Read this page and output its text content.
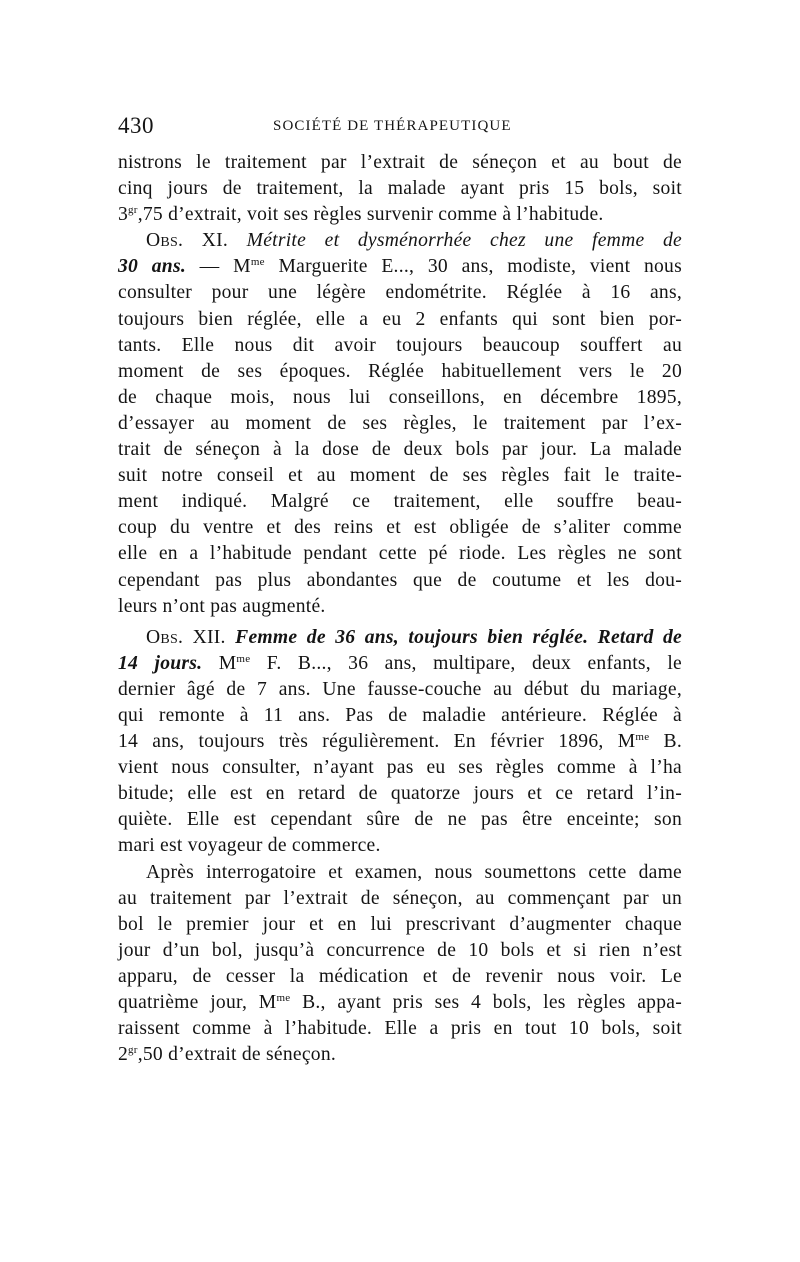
430	SOCIÉTÉ DE THÉRAPEUTIQUE
nistrons le traitement par l’extrait de séneçon et au bout de
cinq jours de traitement, la malade ayant pris 15 bols, soit
$3^{gr},75$ d’extrait, voit ses règles survenir comme à l’habitude.
Obs. XI. Métrite et dysménorrhée chez une femme de
30 ans. — $M^{me}$ Marguerite E..., 30 ans, modiste, vient nous
consulter pour une légère endométrite. Réglée à 16 ans,
toujours bien réglée, elle a eu 2 enfants qui sont bien por-
tants. Elle nous dit avoir toujours beaucoup souffert au
moment de ses époques. Réglée habituellement vers le 20
de chaque mois, nous lui conseillons, en décembre 1895,
d’essayer au moment de ses règles, le traitement par l’ex-
trait de séneçon à la dose de deux bols par jour. La malade
suit notre conseil et au moment de ses règles fait le traite-
ment indiqué. Malgré ce traitement, elle souffre beau-
coup du ventre et des reins et est obligée de s’aliter comme
elle en a l’habitude pendant cette pé riode. Les règles ne sont
cependant pas plus abondantes que de coutume et les dou-
leurs n’ont pas augmenté.
Obs. XII. Femme de 36 ans, toujours bien réglée. Retard de
14 jours. $M^{me}$ F. B..., 36 ans, multipare, deux enfants, le
dernier âgé de 7 ans. Une fausse-couche au début du mariage,
qui remonte à 11 ans. Pas de maladie antérieure. Réglée à
14 ans, toujours très régulièrement. En février 1896, $M^{me}$ B.
vient nous consulter, n’ayant pas eu ses règles comme à l’ha
bitude; elle est en retard de quatorze jours et ce retard l’in-
quiète. Elle est cependant sûre de ne pas être enceinte; son
mari est voyageur de commerce.
Après interrogatoire et examen, nous soumettons cette dame
au traitement par l’extrait de séneçon, au commençant par un
bol le premier jour et en lui prescrivant d’augmenter chaque
jour d’un bol, jusqu’à concurrence de 10 bols et si rien n’est
apparu, de cesser la médication et de revenir nous voir. Le
quatrième jour, $M^{me}$ B., ayant pris ses 4 bols, les règles appa-
raissent comme à l’habitude. Elle a pris en tout 10 bols, soit
$2^{gr},50$ d’extrait de séneçon.
